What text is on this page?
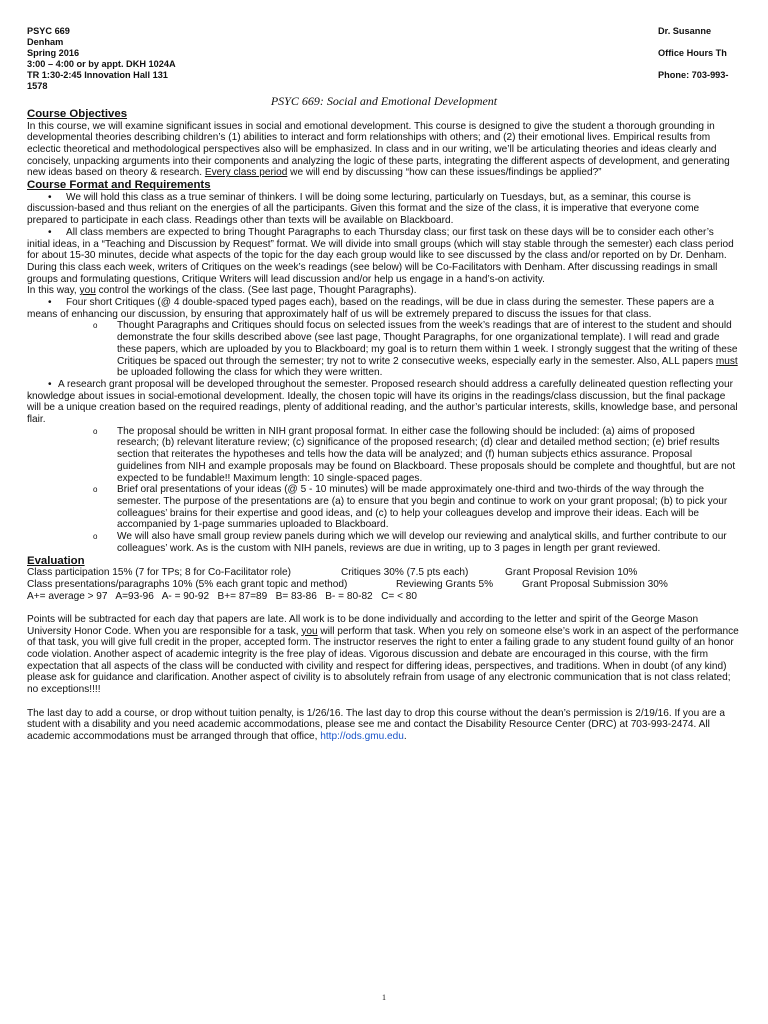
PSYC 669
Denham
Spring 2016
3:00 – 4:00 or by appt. DKH 1024A
TR 1:30-2:45 Innovation Hall 131
1578
Dr. Susanne
Office Hours Th
Phone: 703-993-
PSYC 669: Social and Emotional Development
Course Objectives

In this course, we will examine significant issues in social and emotional development. This course is designed to give the student a thorough grounding in developmental theories describing children’s (1) abilities to interact and form relationships with others; and (2) their emotional lives. Empirical results from eclectic theoretical and methodological perspectives also will be emphasized. In class and in our writing, we’ll be articulating theories and ideas clearly and concisely, unpacking arguments into their components and analyzing the logic of these parts, integrating the different aspects of development, and generating new ideas based on theory & research. Every class period we will end by discussing “how can these issues/findings be applied?”

Course Format and Requirements

• We will hold this class as a true seminar of thinkers. I will be doing some lecturing, particularly on Tuesdays, but, as a seminar, this course is discussion-based and thus reliant on the energies of all the participants. Given this format and the size of the class, it is imperative that everyone come prepared to participate in each class. Readings other than texts will be available on Blackboard.

• All class members are expected to bring Thought Paragraphs to each Thursday class; our first task on these days will be to consider each other’s initial ideas, in a “Teaching and Discussion by Request” format. We will divide into small groups (which will stay stable through the semester) each class period for about 15-30 minutes, decide what aspects of the topic for the day each group would like to see discussed by the class and/or reported on by Dr. Denham. During this class each week, writers of Critiques on the week’s readings (see below) will be Co-Facilitators with Denham. After discussing readings in small groups and formulating questions, Critique Writers will lead discussion and/or help us engage in a hand’s-on activity.

In this way, you control the workings of the class. (See last page, Thought Paragraphs).

• Four short Critiques (@ 4 double-spaced typed pages each), based on the readings, will be due in class during the semester. These papers are a means of enhancing our discussion, by ensuring that approximately half of us will be extremely prepared to discuss the issues for that class.

o	Thought Paragraphs and Critiques should focus on selected issues from the week’s readings that are of interest to the student and should demonstrate the four skills described above (see last page, Thought Paragraphs, for one organizational template). I will read and grade these papers, which are uploaded by you to Blackboard; my goal is to return them within 1 week. I strongly suggest that the writing of these Critiques be spaced out through the semester; try not to write 2 consecutive weeks, especially early in the semester. Also, ALL papers must be uploaded following the class for which they were written.

• A research grant proposal will be developed throughout the semester. Proposed research should address a carefully delineated question reflecting your knowledge about issues in social-emotional development. Ideally, the chosen topic will have its origins in the readings/class discussion, but the final package will be a unique creation based on the required readings, plenty of additional reading, and the author’s particular interests, skills, knowledge base, and personal flair.

o	The proposal should be written in NIH grant proposal format. In either case the following should be included: (a) aims of proposed research; (b) relevant literature review; (c) significance of the proposed research; (d) clear and detailed method section; (e) brief results section that reiterates the hypotheses and tells how the data will be analyzed; and (f) human subjects ethics assurance. Proposal guidelines from NIH and example proposals may be found on Blackboard. These proposals should be complete and thoughtful, but are not expected to be fundable!! Maximum length: 10 single-spaced pages.

o	Brief oral presentations of your ideas (@ 5 - 10 minutes) will be made approximately one-third and two-thirds of the way through the semester. The purpose of the presentations are (a) to ensure that you begin and continue to work on your grant proposal; (b) to pick your colleagues’ brains for their expertise and good ideas, and (c) to help your colleagues develop and improve their ideas. Each will be accompanied by 1-page summaries uploaded to Blackboard.

o	We will also have small group review panels during which we will develop our reviewing and analytical skills, and further contribute to our colleagues’ work. As is the custom with NIH panels, reviews are due in writing, up to 3 pages in length per grant reviewed.

Evaluation
Class participation 15% (7 for TPs; 8 for Co-Facilitator role)	Critiques 30% (7.5 pts each)	Grant Proposal Revision 10%
Class presentations/paragraphs 10% (5% each grant topic and method)	Reviewing Grants 5%	Grant Proposal Submission 30%
A+= average > 97   A=93-96   A- = 90-92   B+= 87=89   B= 83-86   B- = 80-82   C= < 80

Points will be subtracted for each day that papers are late. All work is to be done individually and according to the letter and spirit of the George Mason University Honor Code. When you are responsible for a task, you will perform that task. When you rely on someone else’s work in an aspect of the performance of that task, you will give full credit in the proper, accepted form. The instructor reserves the right to enter a failing grade to any student found guilty of an honor code violation. Another aspect of academic integrity is the free play of ideas. Vigorous discussion and debate are encouraged in this course, with the firm expectation that all aspects of the class will be conducted with civility and respect for differing ideas, perspectives, and traditions. When in doubt (of any kind) please ask for guidance and clarification. Another aspect of civility is to absolutely refrain from usage of any electronic communication that is not class related; no exceptions!!!!

The last day to add a course, or drop without tuition penalty, is 1/26/16. The last day to drop this course without the dean’s permission is 2/19/16. If you are a student with a disability and you need academic accommodations, please see me and contact the Disability Resource Center (DRC) at 703-993-2474. All academic accommodations must be arranged through that office, http://ods.gmu.edu.

1
